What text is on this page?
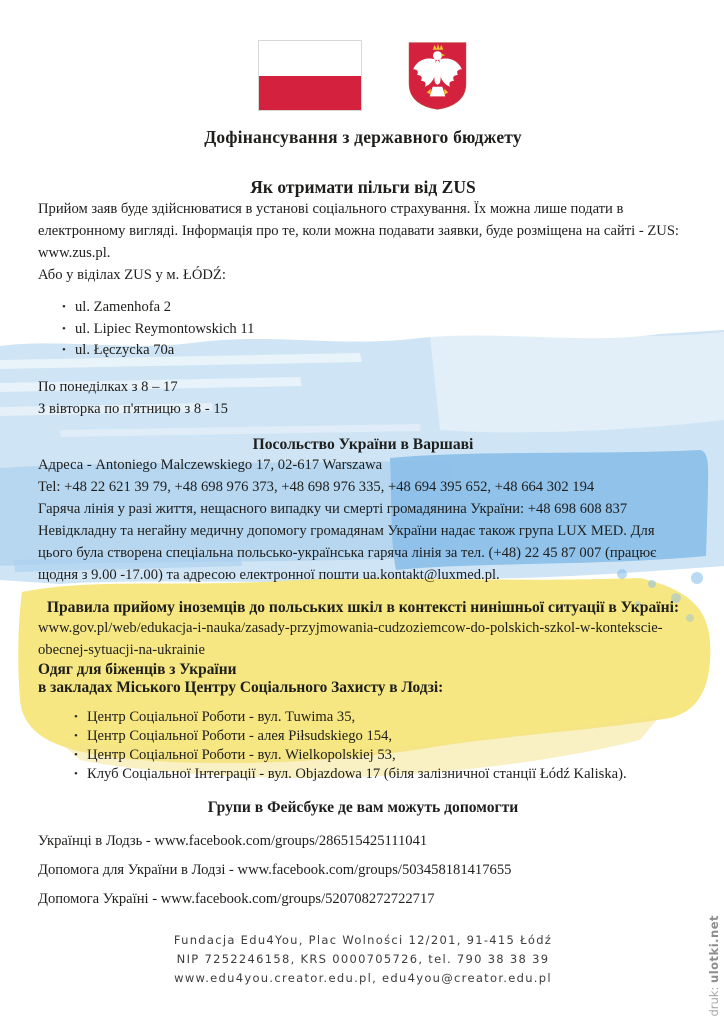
Дофінансування з державного бюджету
Як отримати пільги від ZUS

Прийом заяв буде здійснюватися в установі соціального страхування. Їх можна лише подати в електронному вигляді. Інформація про те, коли можна подавати заявки, буде розміщена на сайті - ZUS: www.zus.pl.

Або у віділах ZUS у м. ŁÓDŹ:

• ul. Zamenhofa 2
• ul. Lipiec Reymontowskich 11
• ul. Łęczycka 70a

По понеділках з 8 – 17

З вівторка по п'ятницю з 8 - 15

Посольство України в Варшаві

Адреса - Antoniego Malczewskiego 17, 02-617 Warszawa

Tel: +48 22 621 39 79, +48 698 976 373, +48 698 976 335, +48 694 395 652, +48 664 302 194

Гаряча лінія у разі життя, нещасного випадку чи смерті громадянина України: +48 698 608 837

Невідкладну та негайну медичну допомогу громадянам України надає також група LUX MED. Для цього була створена спеціальна польсько-українська гаряча лінія за тел. (+48) 22 45 87 007 (працює щодня з 9.00 -17.00) та адресою електронної пошти ua.kontakt@luxmed.pl.

Правила прийому іноземців до польських шкіл в контексті нинішньої ситуації в Україні:

www.gov.pl/web/edukacja-i-nauka/zasady-przyjmowania-cudzoziemcow-do-polskich-szkol-w-kontekscie-obecnej-sytuacji-na-ukrainie

Одяг для біженців з України
в закладах Міського Центру Соціального Захисту в Лодзі:
• Центр Соціальної Роботи - вул. Tuwima 35,
• Центр Соціальної Роботи - алея Piłsudskiego 154,
• Центр Соціальної Роботи - вул. Wielkopolskiej 53,
• Клуб Соціальної Інтеграції - вул. Objazdowa 17 (біля залізничної станції Łódź Kaliska).
Групи в Фейсбуке де вам можуть допомогти

Українці в Лодзь - www.facebook.com/groups/286515425111041

Допомога для України в Лодзі - www.facebook.com/groups/503458181417655

Допомога Україні - www.facebook.com/groups/520708272722717

Fundacja Edu4You, Plac Wolności 12/201, 91-415 Łódź
NIP 7252246158, KRS 0000705726, tel. 790 38 38 39
www.edu4you.creator.edu.pl, edu4you@creator.edu.pl
druk: ulotki.net
